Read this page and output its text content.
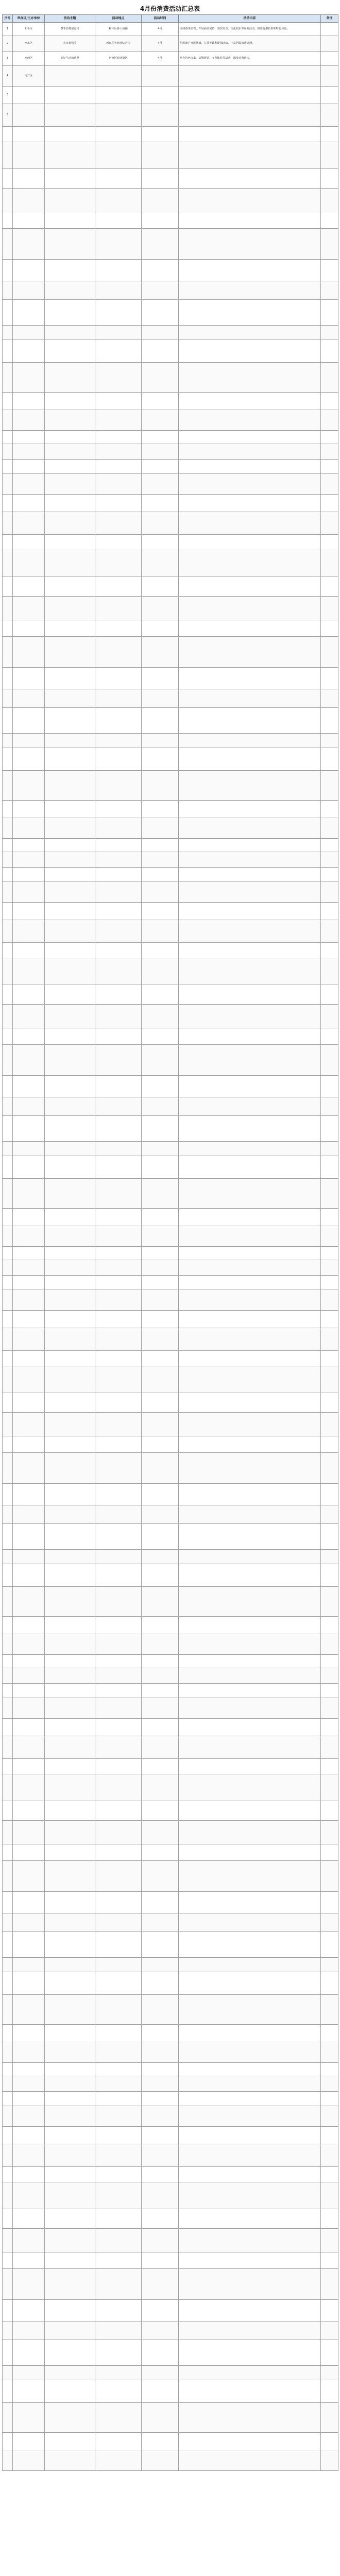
4月份消费活动汇总表
序号	举办区/主办单位	活动主题	活动地点	活动时间	活动内容	备注
1	和平区	春季消费促进月	和平区各大商圈	4月	围绕春季消费，开展商品促销、餐饮美食、文化娱乐等系列活动，推出优惠折扣和特色体验。	
2	河东区	春日购物节	河东区各商业综合体	4月	组织商户开展满减、打折等让利促销活动，丰富居民消费选择。	
3	河西区	美好生活消费季	河西区商业街区	4月	举办特色市集、品牌展销、文创体验等活动，激发消费活力。	
4	南开区					
5						
6						
